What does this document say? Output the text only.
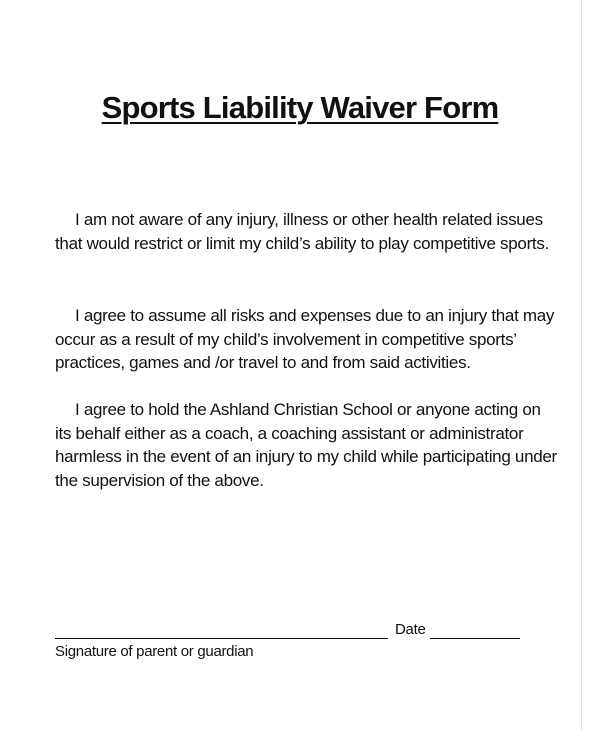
Sports Liability Waiver Form

I am not aware of any injury, illness or other health related issues that would restrict or limit my child’s ability to play competitive sports.

I agree to assume all risks and expenses due to an injury that may occur as a result of my child’s involvement in competitive sports’ practices, games and /or travel to and from said activities.

I agree to hold the Ashland Christian School or anyone acting on its behalf either as a coach, a coaching assistant or administrator harmless in the event of an injury to my child while participating under the supervision of the above.

Date
Signature of parent or guardian
